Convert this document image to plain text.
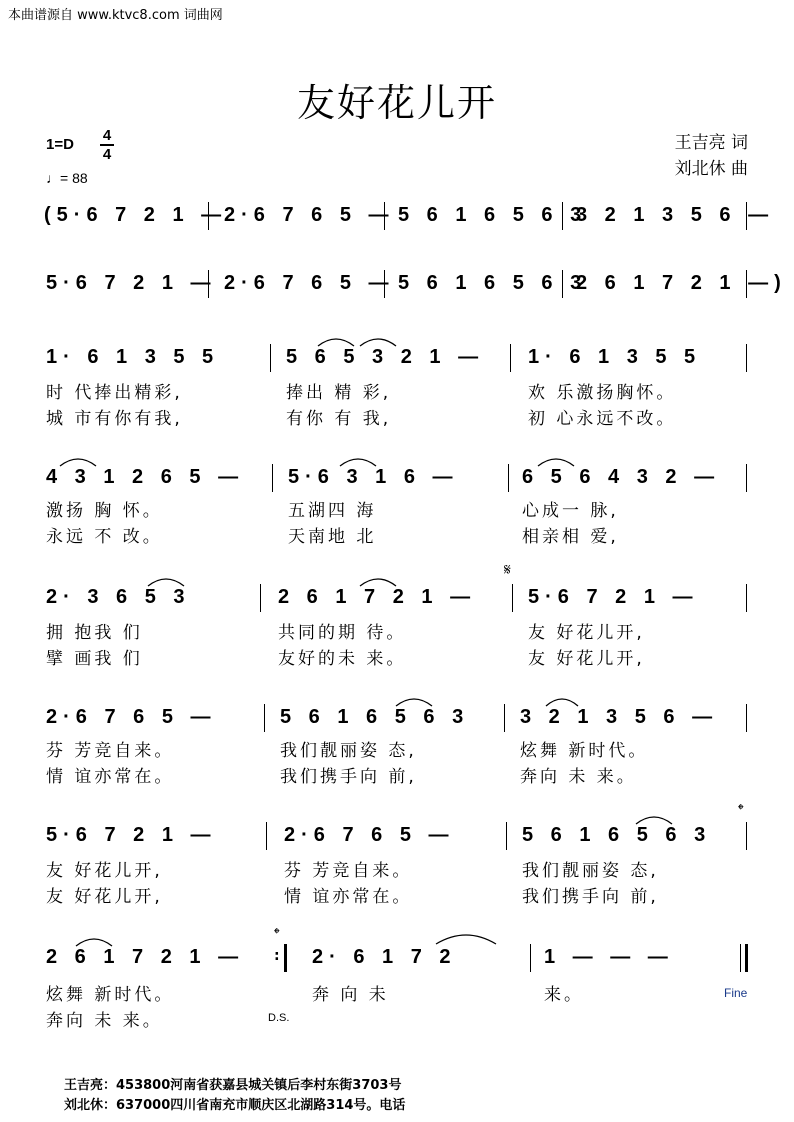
本曲谱源自 www.ktvc8.com 词曲网
友好花儿开
1=D
4
4
♩= 88
王吉亮 词
刘北休 曲
(5·6 7 2 1 —
2·6 7 6 5 — 5 6 1 6 5 6 3
3 2 1 3 5 6 —
5·6 7 2 1 — 2·6 7 6 5 — 5 6 1 6 5 6 3
2 6 1 7 2 1 —)
1· 6 1 3 5 5	5 6 5 3 2 1 — 1· 6 1 3 5 5
时 代捧出精彩,	捧出 精 彩,	欢 乐激扬胸怀。
城 市有你有我,	有你 有 我,	初 心永远不改。
4 3 1 2 6 5 — 5·6 3 1 6 —	6 5 6 4 3 2 —
激扬 胸 怀。	五湖四 海	心成一 脉,
永远 不 改。	天南地 北	相亲相 爱,
𝄋
2· 3 6 5 3	2 6 1 7 2 1 —	5·6 7 2 1 —
拥 抱我 们	共同的期 待。	友 好花儿开,
擘 画我 们	友好的未 来。	友 好花儿开,
2·6 7 6 5 —	5 6 1 6 5 6 3	3 2 1 3 5 6 —
芬 芳竞自来。	我们靓丽姿 态,	炫舞 新时代。
情 谊亦常在。	我们携手向 前,	奔向 未 来。
𝄌
5·6 7 2 1 —	2·6 7 6 5 —	5 6 1 6 5 6 3
友 好花儿开,	芬 芳竞自来。	我们靓丽姿 态,
友 好花儿开,	情 谊亦常在。	我们携手向 前,
𝄌
2 6 1 7 2 1 —	2· 6 1 7 2	1 — — —
:
炫舞 新时代。	奔 向 未	来。
奔向 未 来。	D.S.
Fine
王吉亮：453800河南省获嘉县城关镇后李村东街3703号
刘北休：637000四川省南充市顺庆区北湖路314号。电话
